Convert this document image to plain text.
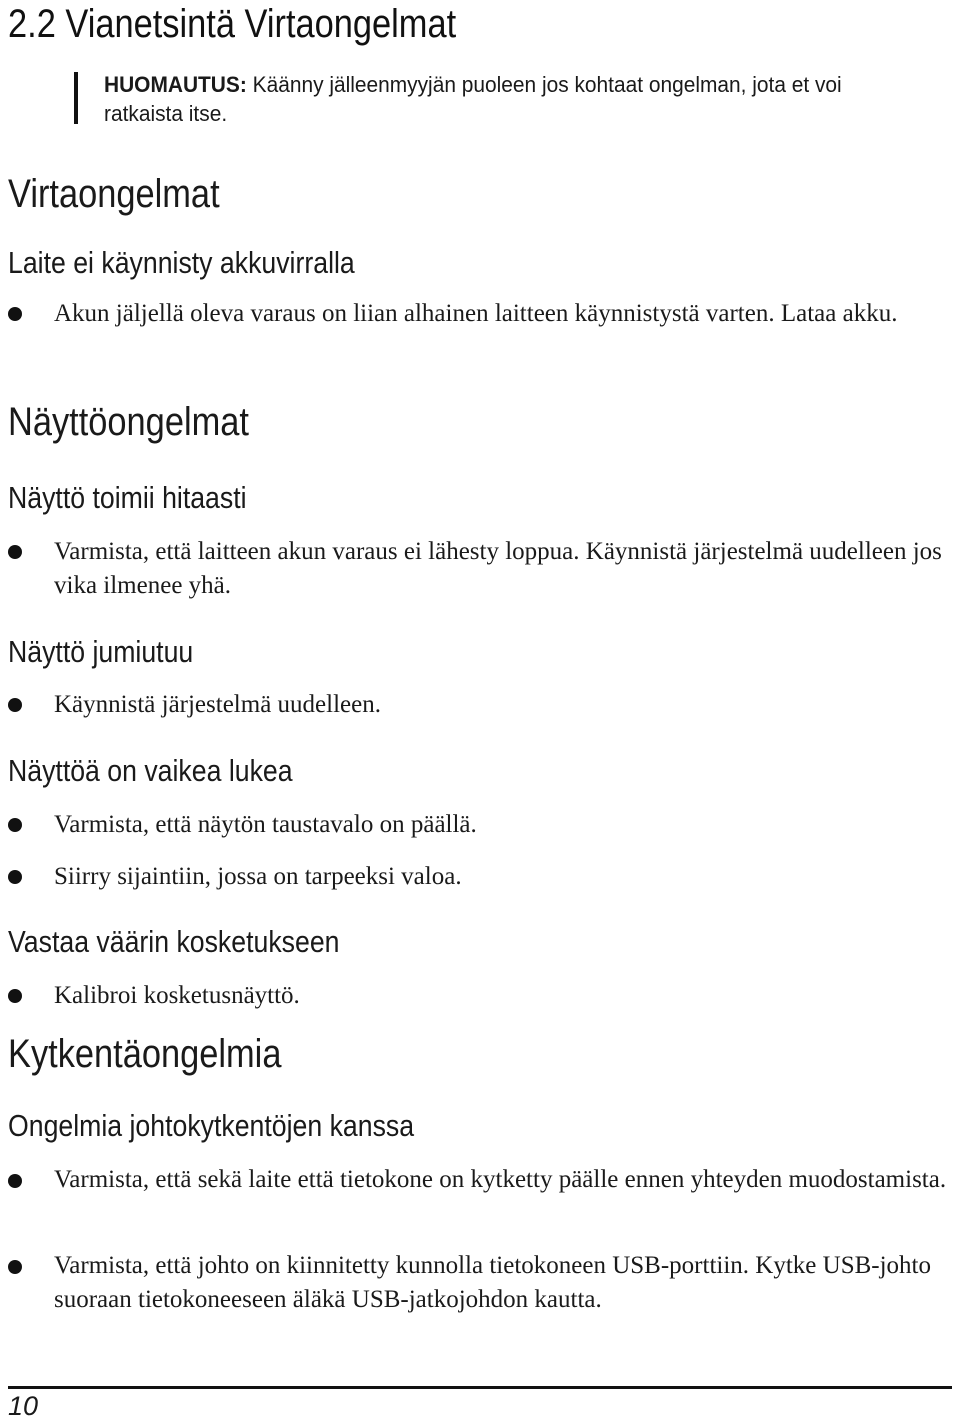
2.2 Vianetsintä Virtaongelmat
HUOMAUTUS: Käänny jälleenmyyjän puoleen jos kohtaat ongelman, jota et voi ratkaista itse.
Virtaongelmat
Laite ei käynnisty akkuvirralla
Akun jäljellä oleva varaus on liian alhainen laitteen käynnistystä varten. Lataa akku.
Näyttöongelmat
Näyttö toimii hitaasti
Varmista, että laitteen akun varaus ei lähesty loppua. Käynnistä järjestelmä uudelleen jos vika ilmenee yhä.
Näyttö jumiutuu
Käynnistä järjestelmä uudelleen.
Näyttöä on vaikea lukea
Varmista, että näytön taustavalo on päällä.
Siirry sijaintiin, jossa on tarpeeksi valoa.
Vastaa väärin kosketukseen
Kalibroi kosketusnäyttö.
Kytkentäongelmia
Ongelmia johtokytkentöjen kanssa
Varmista, että sekä laite että tietokone on kytketty päälle ennen yhteyden muodostamista.
Varmista, että johto on kiinnitetty kunnolla tietokoneen USB-porttiin. Kytke USB-johto suoraan tietokoneeseen äläkä USB-jatkojohdon kautta.
10
